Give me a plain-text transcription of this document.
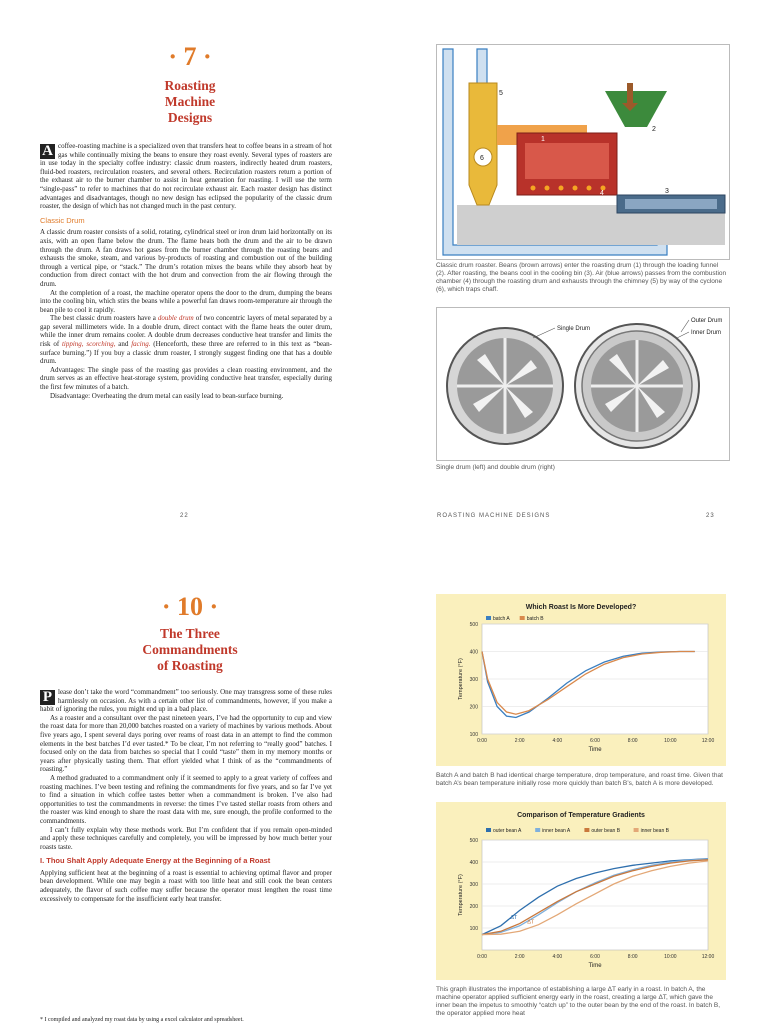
· 7 ·
Roasting
Machine
Designs

A coffee-roasting machine is a specialized oven that transfers heat to coffee beans in a stream of hot gas while continually mixing the beans to ensure they roast evenly. Several types of roasters are in use today in the specialty coffee industry: classic drum roasters, indirectly heated drum roasters, fluid-bed roasters, recirculation roasters, and several others. Recirculation roasters return a portion of the exhaust air to the burner chamber to assist in heat generation for roasting. I will use the term “single-pass” to refer to machines that do not recirculate exhaust air. Each roaster design has distinct advantages and disadvantages, though no new design has eclipsed the popularity of the classic drum roaster, the design of which has not changed much in the past century.

Classic Drum

A classic drum roaster consists of a solid, rotating, cylindrical steel or iron drum laid horizontally on its axis, with an open flame below the drum. The flame heats both the drum and the air to be drawn through the drum. A fan draws hot gases from the burner chamber through the roasting beans and exhausts the smoke, steam, and various by-products of roasting and combustion out of the building through a vertical pipe, or “stack.” The drum’s rotation mixes the beans while they absorb heat by conduction from direct contact with the hot drum and convection from the air flowing through the drum.

At the completion of a roast, the machine operator opens the door to the drum, dumping the beans into the cooling bin, which stirs the beans while a powerful fan draws room-temperature air through the bean pile to cool it rapidly.

The best classic drum roasters have a double drum of two concentric layers of metal separated by a gap several millimeters wide. In a double drum, direct contact with the flame heats the outer drum, while the inner drum remains cooler. A double drum decreases conductive heat transfer and limits the risk of tipping, scorching, and facing. (Henceforth, these three are referred to in this text as “bean-surface burning.”) If you buy a classic drum roaster, I strongly suggest finding one that has a double drum.

Advantages: The single pass of the roasting gas provides a clean roasting environment, and the drum serves as an effective heat-storage system, providing conductive heat transfer, especially during the first few minutes of a batch.

Disadvantage: Overheating the drum metal can easily lead to bean-surface burning.

22	ROASTING MACHINE DESIGNS	23
5
2
3
4
6
1
Classic drum roaster. Beans (brown arrows) enter the roasting drum (1) through the loading funnel (2). After roasting, the beans cool in the cooling bin (3). Air (blue arrows) passes from the combustion chamber (4) through the roasting drum and exhausts through the chimney (5) by way of the cyclone (6), which traps chaff.
Single Drum
Outer Drum
Inner Drum
Single drum (left) and double drum (right)
· 10 ·
The Three
Commandments
of Roasting

P lease don’t take the word “commandment” too seriously. One may transgress some of these rules harmlessly on occasion. As with a certain other list of commandments, however, if you make a habit of ignoring the rules, you might end up in a bad place.

As a roaster and a consultant over the past nineteen years, I’ve had the opportunity to cup and view the roast data for more than 20,000 batches roasted on a variety of machines by various methods. About five years ago, I spent several days poring over reams of roast data in an attempt to find the common elements in the best batches I’d ever tasted.* To be clear, I’m not referring to “really good” batches. I focused only on the data from batches so special that I could “taste” them in my memory months or years after physically tasting them. That effort yielded what I think of as the “commandments of roasting.”

A method graduated to a commandment only if it seemed to apply to a great variety of coffees and roasting machines. I’ve been testing and refining the commandments for five years, and so far I’ve yet to find a situation in which coffee tastes better when a commandment is broken. I’ve also had opportunities to test the commandments in reverse: the times I’ve tasted stellar roasts from others and the roaster was kind enough to share the roast data with me, sure enough, the profile conformed to the commandments.

I can’t fully explain why these methods work. But I’m confident that if you remain open-minded and apply these techniques carefully and completely, you will be impressed by how much better your roasts taste.

I. Thou Shalt Apply Adequate Energy at the Beginning of a Roast

Applying sufficient heat at the beginning of a roast is essential to achieving optimal flavor and proper bean development. While one may begin a roast with too little heat and still cook the bean centers adequately, the flavor of such coffee may suffer because the operator must lengthen the roast time excessively to compensate for the insufficient early heat transfer.

* I compiled and analyzed my roast data by using a excel calculator and spreadsheet.
Which Roast Is More Developed?
100
200
300
400
500
0:00	2:00	4:00	6:00	8:00	10:00	12:00
Time
Temperature (°F)
batch A	batch B
Batch A and batch B had identical charge temperature, drop temperature, and roast time. Given that batch A’s bean temperature initially rose more quickly than batch B’s, batch A is more developed.
Comparison of Temperature Gradients
100
200
300
400
500
0:00	2:00	4:00	6:00	8:00	10:00	12:00
Time
Temperature (°F)
outer bean A	inner bean A	outer bean B	inner bean B
ΔT
ΔT
This graph illustrates the importance of establishing a large ΔT early in a roast. In batch A, the machine operator applied sufficient energy early in the roast, creating a large ΔT, which gave the inner bean the impetus to smoothly “catch up” to the outer bean by the end of the roast. In batch B, the operator applied more heat
